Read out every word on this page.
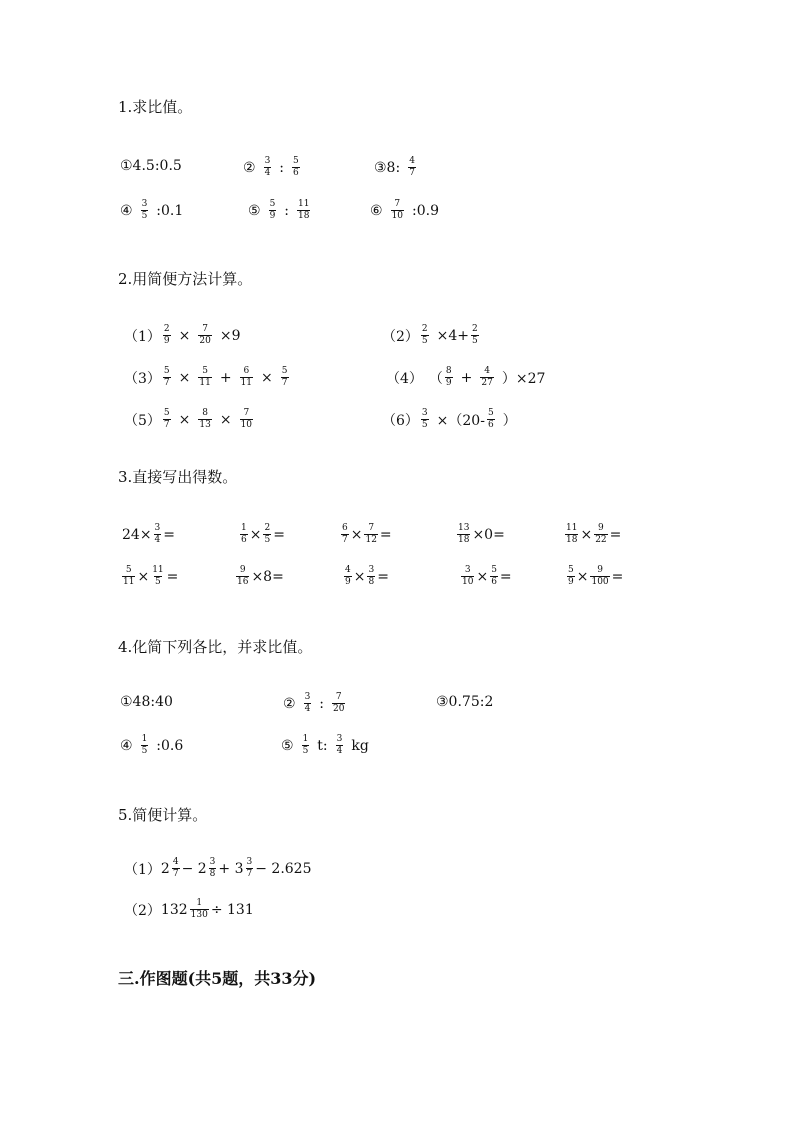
1.求比值。
①4.5:0.5	② $\frac{3}{4}$ : $\frac{5}{6}$	③8: $\frac{4}{7}$
④ $\frac{3}{5}$ :0.1	⑤ $\frac{5}{9}$ : $\frac{11}{18}$	⑥ $\frac{7}{10}$ :0.9
2.用简便方法计算。
$(1) \frac{2}{9} \times \frac{7}{20} \times 9$	$(2) \frac{2}{5} \times 4+ \frac{2}{5}$
$(3) \frac{5}{7} \times \frac{5}{11} + \frac{6}{11} \times \frac{5}{7}$	（4） （ $\frac{8}{9} + \frac{4}{27} )\times 27$
$(5) \frac{5}{7} \times \frac{8}{13} \times \frac{7}{10}$	$(6) \frac{3}{5} \times(20- \frac{5}{6}$ ）
3.直接写出得数。
$24\times \frac{3}{4}$ =	$\frac{1}{6} \times \frac{2}{5}$ =	$\frac{6}{7} \times \frac{7}{12}$ =	$\frac{13}{18} \times 0$ =	$\frac{11}{18} \times \frac{9}{22}$ =
$\frac{5}{11} \times \frac{11}{5}$ =	$\frac{9}{16} \times 8$ =	$\frac{4}{9} \times \frac{3}{8}$ =	$\frac{3}{10} \times \frac{5}{6}$ =	$\frac{5}{9} \times \frac{9}{100}$ =
4.化简下列各比，并求比值。
①48:40	② $\frac{3}{4}$ : $\frac{7}{20}$	③0.75:2
④ $\frac{1}{5}$ :0.6	⑤ $\frac{1}{5} t$: $\frac{3}{4}$ kg
5.简便计算。
（1） $2 \frac{4}{7} - 2 \frac{3}{8} + 3 \frac{3}{7} - 2.625$
（2） $132 \frac{1}{130} \div 131$
三.作图题(共5题，共33分)
